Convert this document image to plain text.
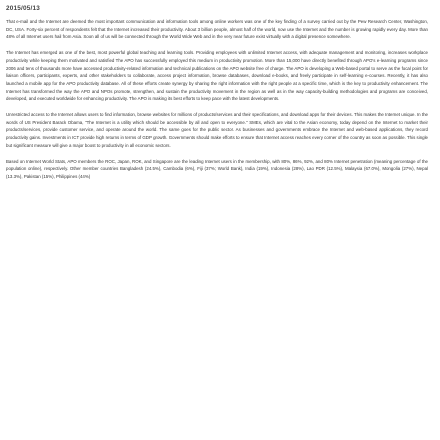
2015/05/13

That e-mail and the Internet are deemed the most important communication and information tools among online workers was one of the key finding of a survey carried out by the Pew Research Center, Washington, DC, USA. Forty-six percent of respondents felt that the Internet increased their productivity. About 3 billion people, almost half of the world, now use the Internet and the number is growing rapidly every day. More than 48% of all Internet users hail from Asia. Soon all of us will be connected through the World Wide Web and in the very near future exist virtually with a digital presence somewhere.

The Internet has emerged as one of the best, most powerful global teaching and learning tools. Providing employees with unlimited Internet access, with adequate management and monitoring, increases workplace productivity while keeping them motivated and satisfied The APO has successfully employed this medium in productivity promotion. More than 15,000 have directly benefited through APO's e-learning programs since 2006 and tens of thousands more have accessed productivity-related information and technical publications on the APO website free of charge. The APO is developing a Web-based portal to serve as the focal point for liaison officers, participants, experts, and other stakeholders to collaborate, access project information, browse databases, download e-books, and freely participate in self-learning e-courses. Recently, it has also launched a mobile app for the APO productivity database. All of these efforts create synergy by sharing the right information with the right people at a specific time, which is the key to productivity enhancement. The Internet has transformed the way the APO and NPOs promote, strengthen, and sustain the productivity movement in the region as well as in the way capacity-building methodologies and programs are conceived, developed, and executed worldwide for enhancing productivity. The APO is making its best efforts to keep pace with the latest developments.

Unrestricted access to the Internet allows users to find information, browse websites for millions of products/services and their specifications, and download apps for their devices. This makes the Internet unique. In the words of US President Barack Obama, "The Internet is a utility which should be accessible by all and open to everyone." SMEs, which are vital to the Asian economy, today depend on the Internet to market their products/services, provide customer service, and operate around the world. The same goes for the public sector. As businesses and governments embrace the Internet and web-based applications, they record productivity gains. Investments in ICT provide high returns in terms of GDP growth. Governments should make efforts to ensure that Internet access reaches every corner of the country as soon as possible. This single but significant measure will give a major boost to productivity in all economic sectors.

Based on Internet World Stats, APO members the ROC, Japan, ROK, and Singapore are the leading Internet users in the membership, with 80%, 86%, 92%, and 80% Internet penetration (meaning percentage of the population online), respectively. Other member countries Bangladesh (24.5%), Cambodia (6%), Fiji (37%; World Bank), India (19%), Indonesia (28%), Lao PDR (12.5%), Malaysia (67.0%), Mongolia (27%), Nepal (13.3%), Pakistan (15%), Philippines (44%)
